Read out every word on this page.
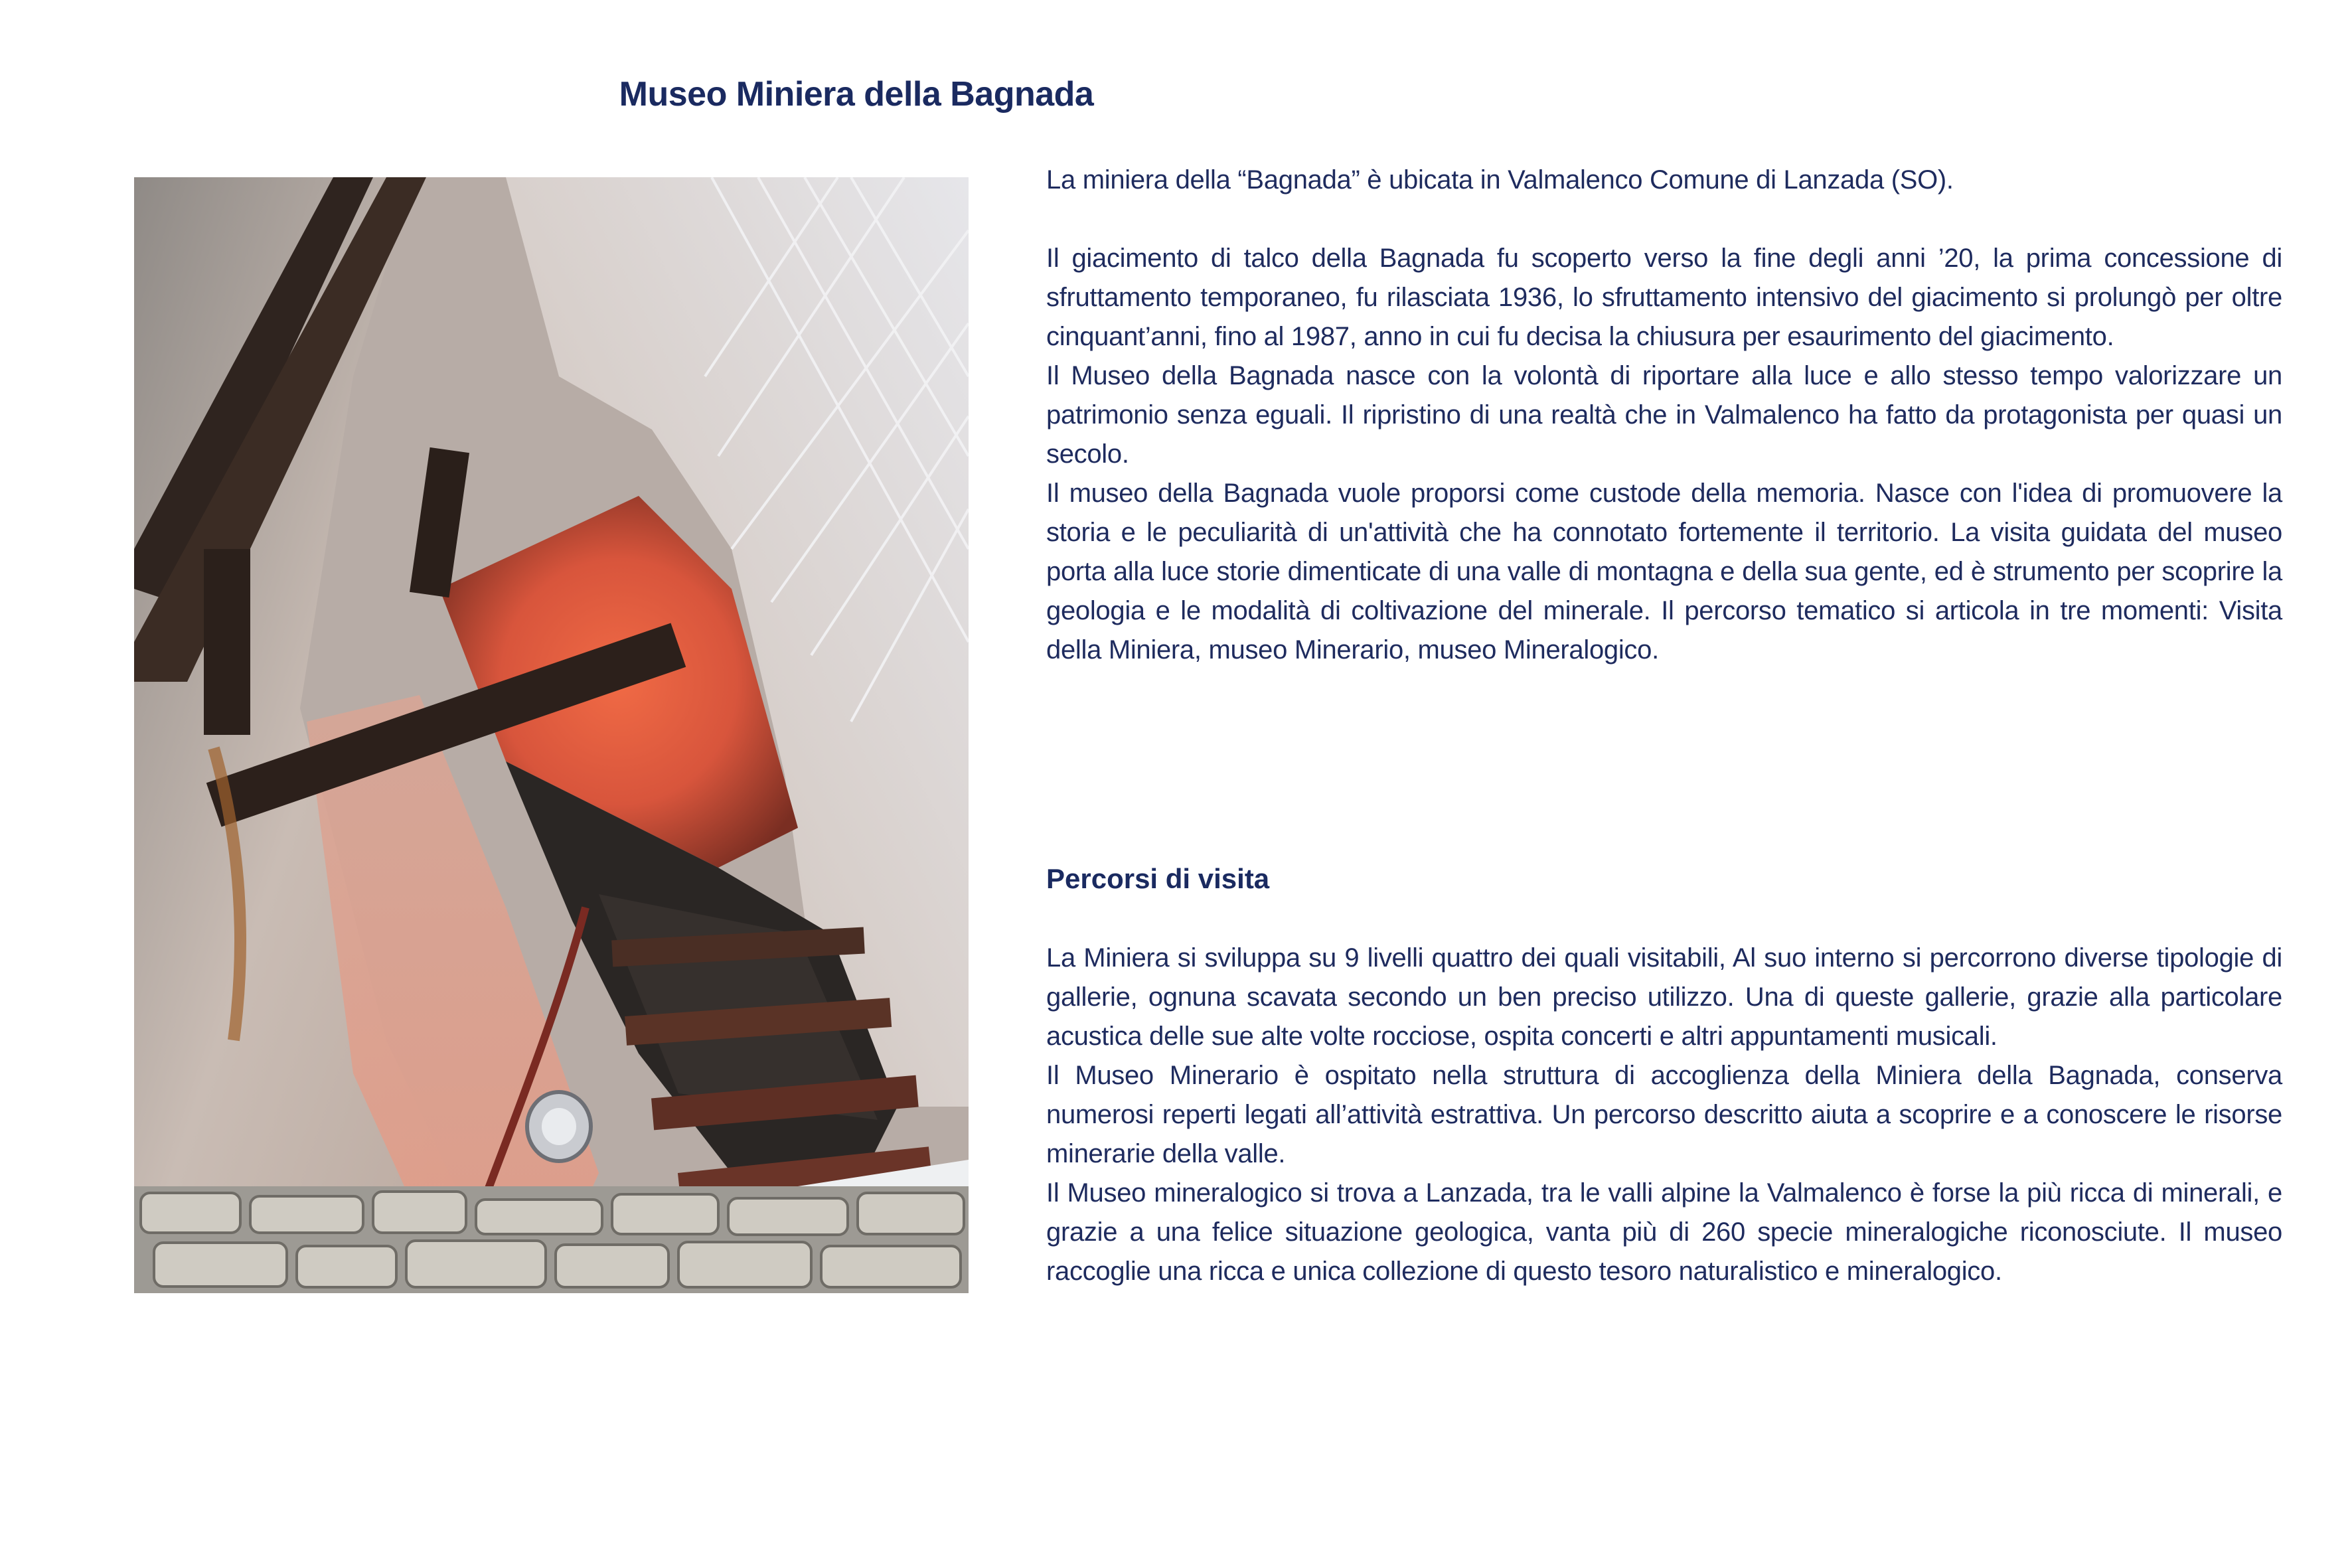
Museo Miniera della Bagnada

La miniera della “Bagnada” è ubicata in Valmalenco Comune di Lanzada (SO).

Il giacimento di talco della Bagnada fu scoperto verso la fine degli anni ’20, la prima concessione di sfruttamento temporaneo, fu rilasciata 1936, lo sfruttamento intensivo del giacimento si prolungò per oltre cinquant’anni, fino al 1987, anno in cui fu decisa la chiusura per esaurimento del giacimento.

Il Museo della Bagnada nasce con la volontà di riportare alla luce e allo stesso tempo valorizzare un patrimonio senza eguali. Il ripristino di una realtà che in Valmalenco ha fatto da protagonista per quasi un secolo.

Il museo della Bagnada vuole proporsi come custode della memoria. Nasce con l'idea di promuovere la storia e le peculiarità di un'attività che ha connotato fortemente il territorio. La visita guidata del museo porta alla luce storie dimenticate di una valle di montagna e della sua gente, ed è strumento per scoprire la geologia e le modalità di coltivazione del minerale. Il percorso tematico si articola in tre momenti: Visita della Miniera, museo Minerario, museo Mineralogico.

Percorsi di visita

La Miniera si sviluppa su 9 livelli quattro dei quali visitabili, Al suo interno si percorrono diverse tipologie di gallerie, ognuna scavata secondo un ben preciso utilizzo. Una di queste gallerie, grazie alla particolare acustica delle sue alte volte rocciose, ospita concerti e altri appuntamenti musicali.

Il Museo Minerario è ospitato nella struttura di accoglienza della Miniera della Bagnada, conserva numerosi reperti legati all’attività estrattiva. Un percorso descritto aiuta a scoprire e a conoscere le risorse minerarie della valle.

Il Museo mineralogico si trova a Lanzada, tra le valli alpine la Valmalenco è forse la più ricca di minerali, e grazie a una felice situazione geologica, vanta più di 260 specie mineralogiche riconosciute. Il museo raccoglie una ricca e unica collezione di questo tesoro naturalistico e mineralogico.
